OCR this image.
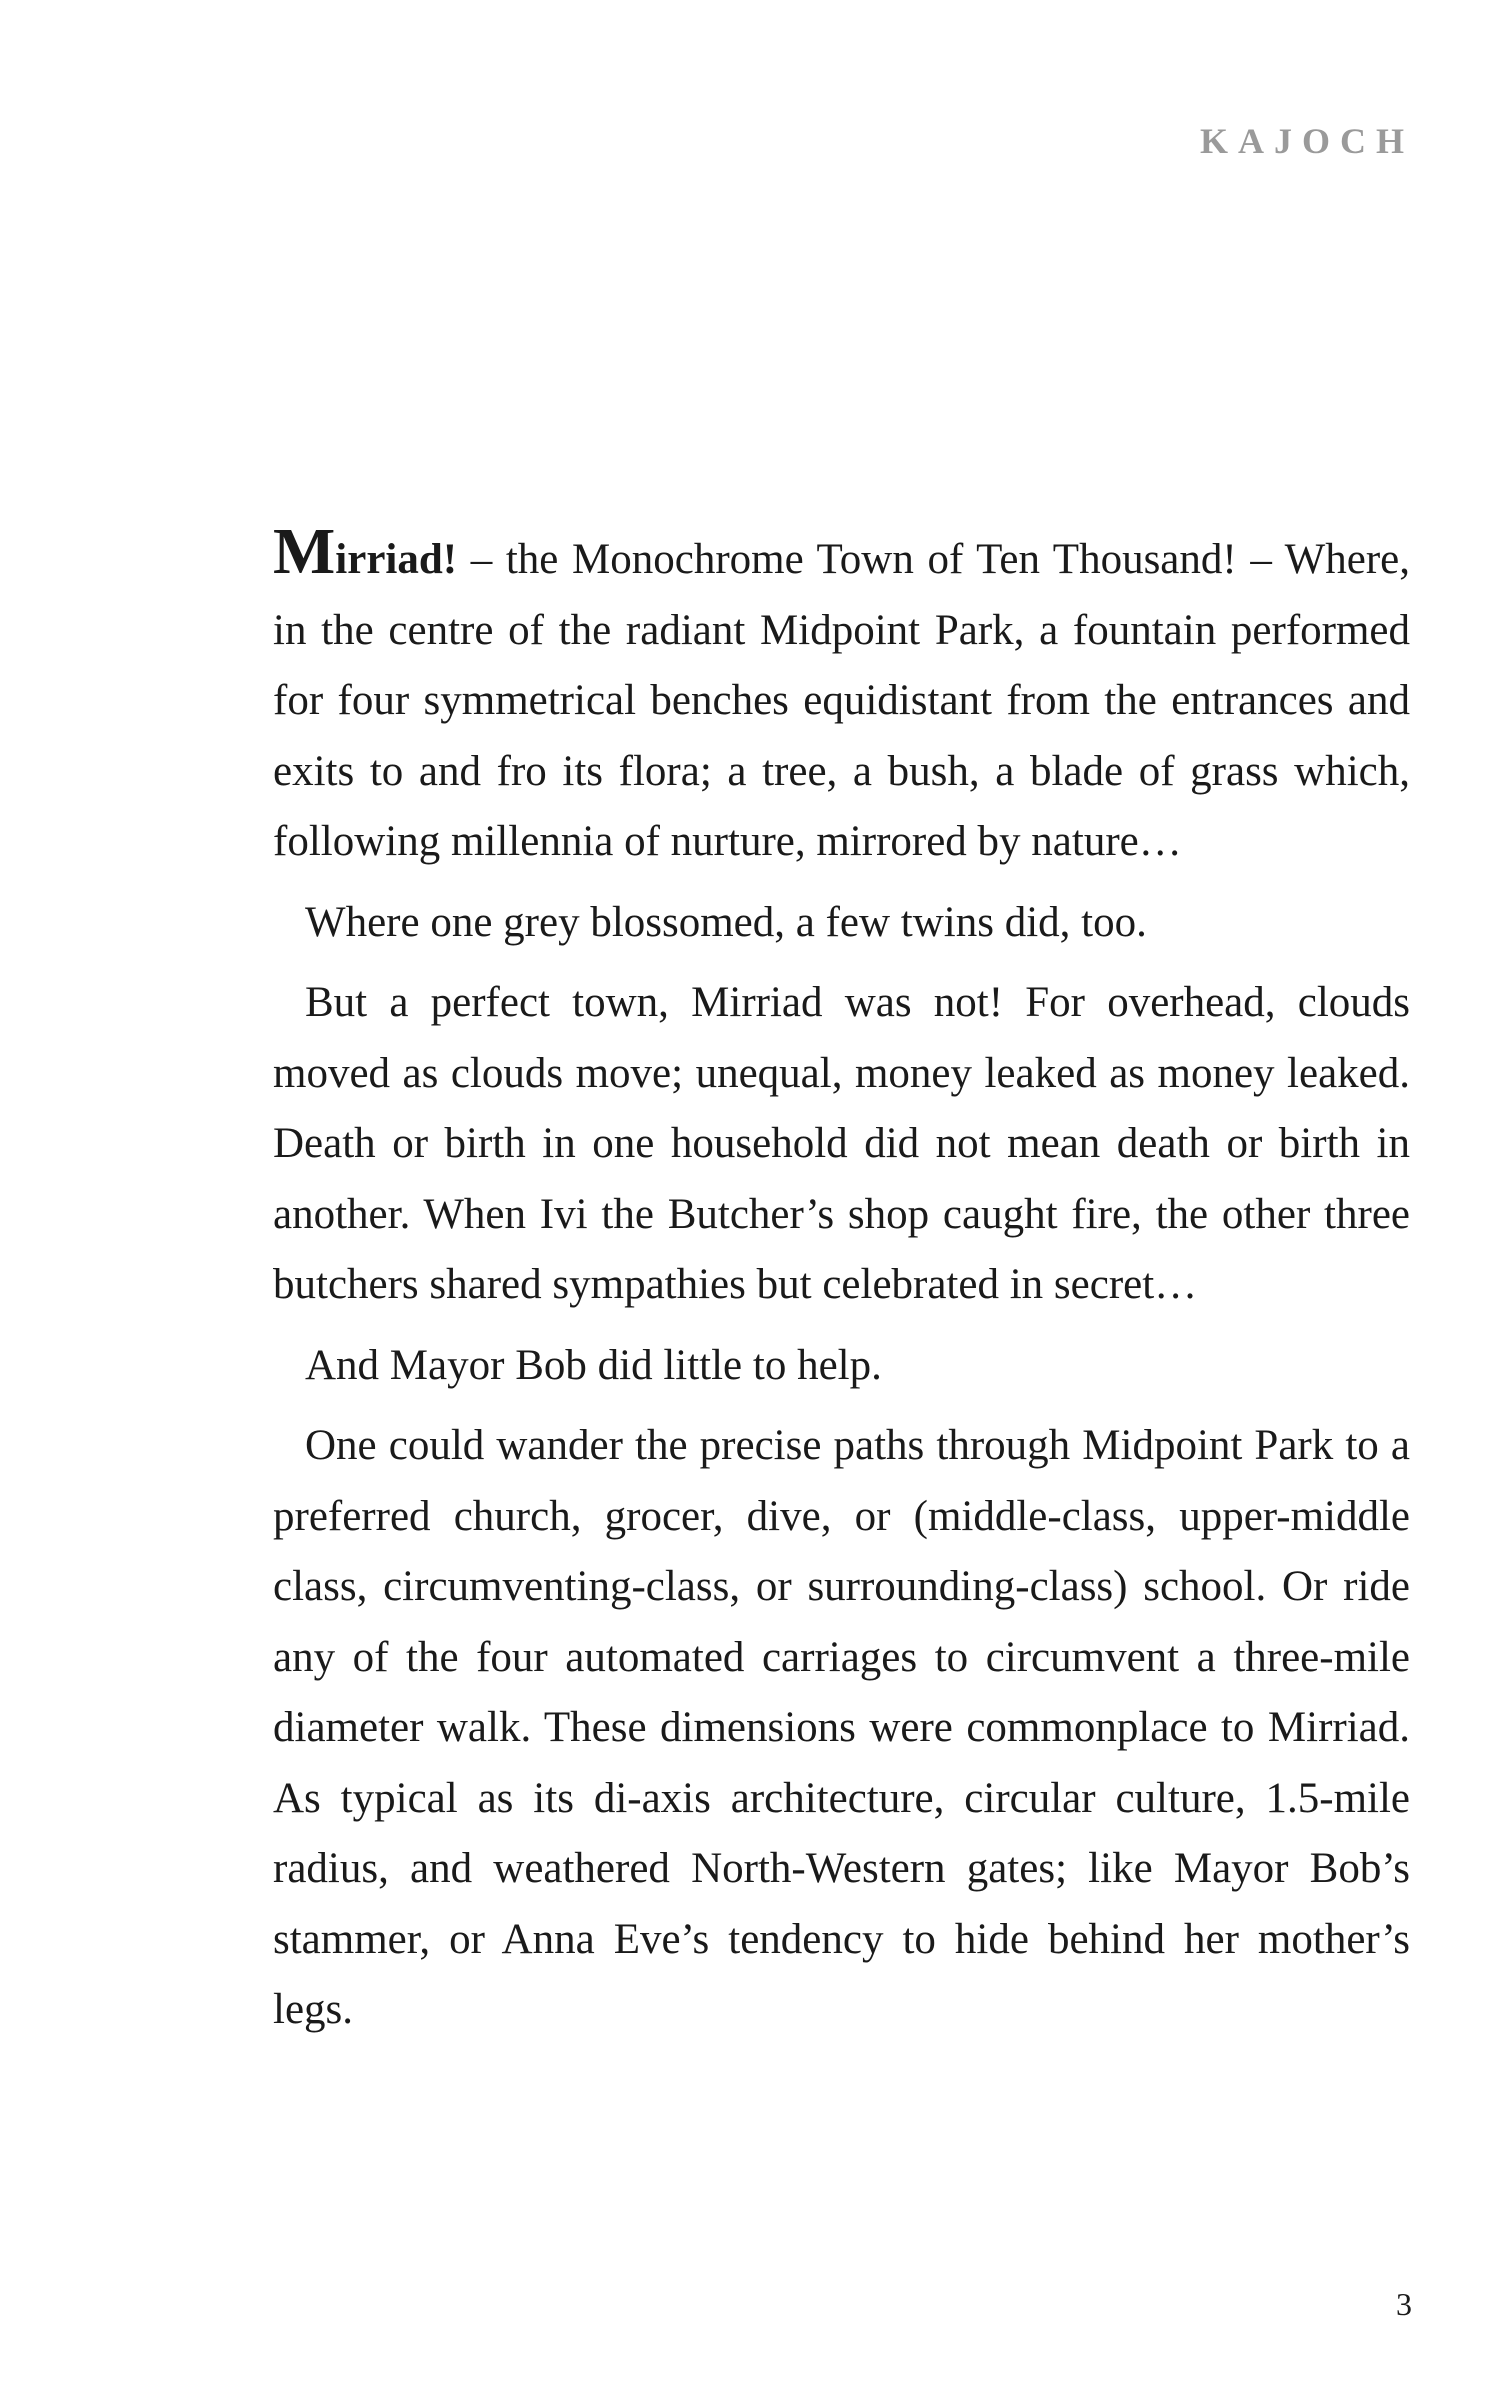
KAJOCH

Mirriad! – the Monochrome Town of Ten Thousand! – Where, in the centre of the radiant Midpoint Park, a fountain performed for four symmetrical benches equidistant from the entrances and exits to and fro its flora; a tree, a bush, a blade of grass which, following millennia of nurture, mirrored by nature…

Where one grey blossomed, a few twins did, too.

But a perfect town, Mirriad was not! For overhead, clouds moved as clouds move; unequal, money leaked as money leaked. Death or birth in one household did not mean death or birth in another. When Ivi the Butcher’s shop caught fire, the other three butchers shared sympathies but celebrated in secret…

And Mayor Bob did little to help.

One could wander the precise paths through Midpoint Park to a preferred church, grocer, dive, or (middle-class, upper-middle class, circumventing-class, or surrounding-class) school. Or ride any of the four automated carriages to circumvent a three-mile diameter walk. These dimensions were commonplace to Mirriad. As typical as its di-axis architecture, circular culture, 1.5-mile radius, and weathered North-Western gates; like Mayor Bob’s stammer, or Anna Eve’s tendency to hide behind her mother’s legs.

3
